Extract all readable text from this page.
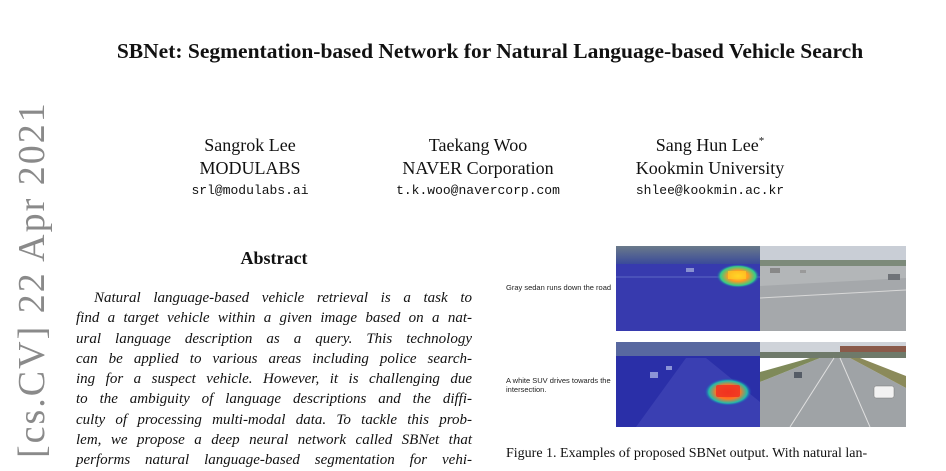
[cs.CV] 22 Apr 2021
SBNet: Segmentation-based Network for Natural Language-based Vehicle Search
Sangrok Lee
MODULABS
srl@modulabs.ai
Taekang Woo
NAVER Corporation
t.k.woo@navercorp.com
Sang Hun Lee*
Kookmin University
shlee@kookmin.ac.kr
Abstract
Natural language-based vehicle retrieval is a task to
find a target vehicle within a given image based on a nat-
ural language description as a query. This technology
can be applied to various areas including police search-
ing for a suspect vehicle. However, it is challenging due
to the ambiguity of language descriptions and the diffi-
culty of processing multi-modal data. To tackle this prob-
lem, we propose a deep neural network called SBNet that
performs natural language-based segmentation for vehi-
Gray sedan runs down the road
A white SUV drives towards the intersection.
Figure 1. Examples of proposed SBNet output. With natural lan-
